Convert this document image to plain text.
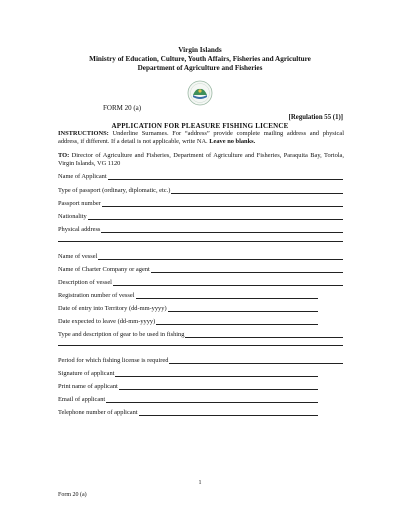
Virgin Islands
Ministry of Education, Culture, Youth Affairs, Fisheries and Agriculture
Department of Agriculture and Fisheries
FORM 20 (a)
[Regulation 55 (1)]
APPLICATION FOR PLEASURE FISHING LICENCE
INSTRUCTIONS: Underline Surnames. For “address” provide complete mailing address and physical address, if different. If a detail is not applicable, write NA. Leave no blanks.
TO: Director of Agriculture and Fisheries, Department of Agriculture and Fisheries, Paraquita Bay, Tortola, Virgin Islands, VG 1120
Name of Applicant
Type of passport (ordinary, diplomatic, etc.)
Passport number
Nationality
Physical address
Name of vessel
Name of Charter Company or agent
Description of vessel
Registration number of vessel
Date of entry into Territory (dd-mm-yyyy)
Date expected to leave (dd-mm-yyyy)
Type and description of gear to be used in fishing
Period for which fishing license is required
Signature of applicant
Print name of applicant
Email of applicant
Telephone number of applicant
1
Form 20 (a)
